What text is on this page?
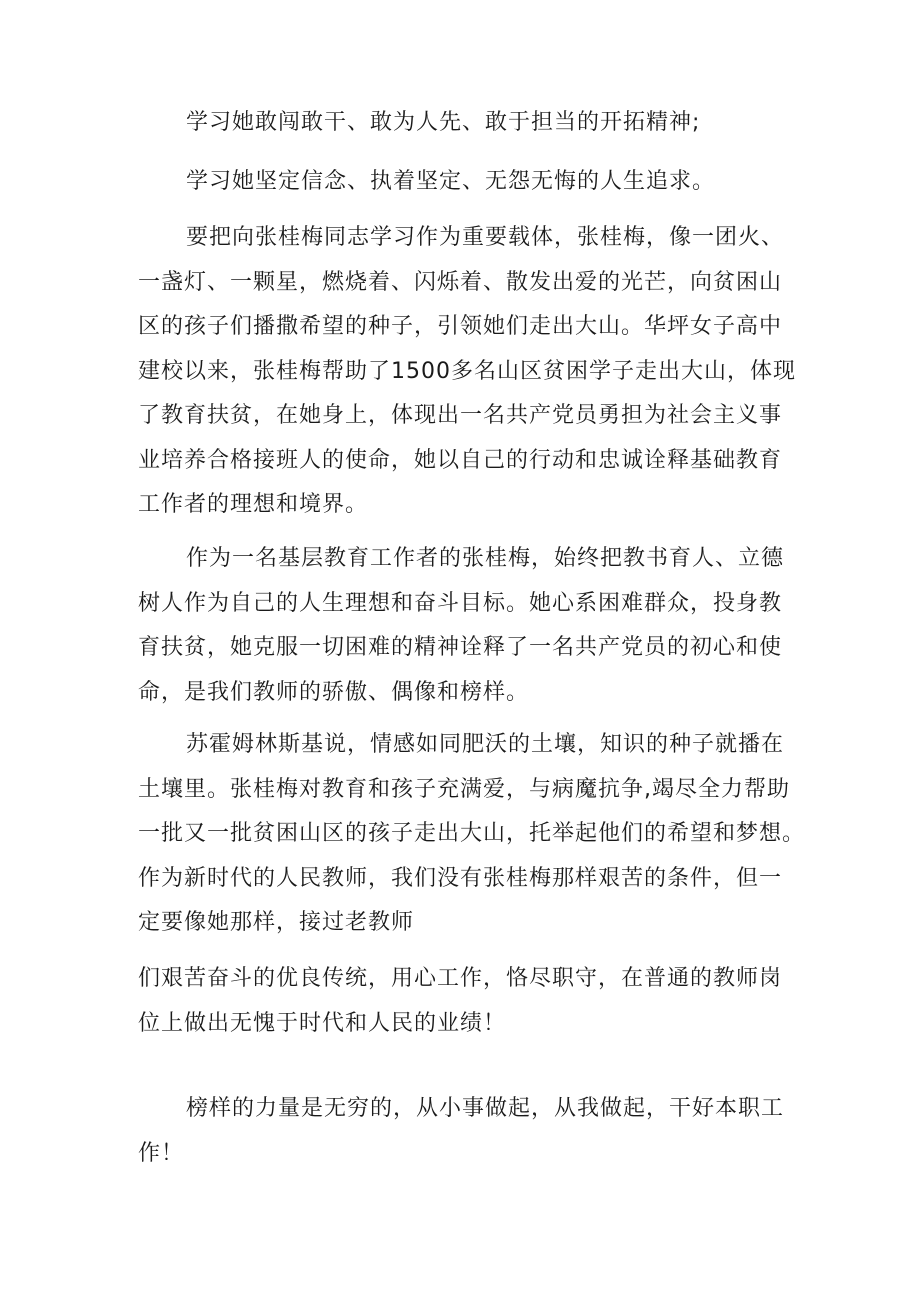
学习她敢闯敢干、敢为人先、敢于担当的开拓精神;
学习她坚定信念、执着坚定、无怨无悔的人生追求。
要把向张桂梅同志学习作为重要载体，张桂梅，像一团火、
一盏灯、一颗星，燃烧着、闪烁着、散发出爱的光芒，向贫困山
区的孩子们播撒希望的种子，引领她们走出大山。华坪女子高中
建校以来，张桂梅帮助了1500多名山区贫困学子走出大山，体现
了教育扶贫，在她身上，体现出一名共产党员勇担为社会主义事
业培养合格接班人的使命，她以自己的行动和忠诚诠释基础教育
工作者的理想和境界。
作为一名基层教育工作者的张桂梅，始终把教书育人、立德
树人作为自己的人生理想和奋斗目标。她心系困难群众，投身教
育扶贫，她克服一切困难的精神诠释了一名共产党员的初心和使
命，是我们教师的骄傲、偶像和榜样。
苏霍姆林斯基说，情感如同肥沃的土壤，知识的种子就播在
土壤里。张桂梅对教育和孩子充满爱，与病魔抗争,竭尽全力帮助
一批又一批贫困山区的孩子走出大山，托举起他们的希望和梦想。
作为新时代的人民教师，我们没有张桂梅那样艰苦的条件，但一
定要像她那样，接过老教师
们艰苦奋斗的优良传统，用心工作，恪尽职守，在普通的教师岗
位上做出无愧于时代和人民的业绩！
榜样的力量是无穷的，从小事做起，从我做起，干好本职工
作！
